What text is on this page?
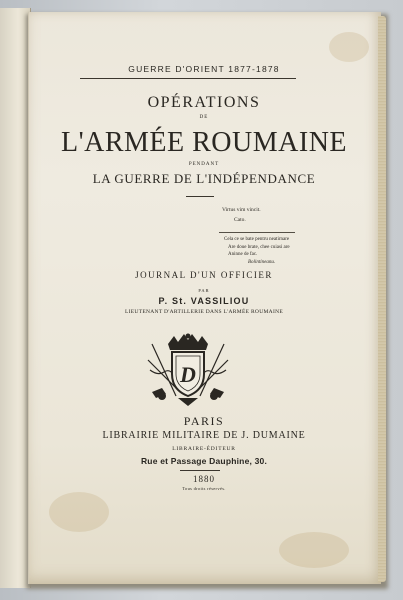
GUERRE D'ORIENT 1877-1878
OPÉRATIONS
DE
L'ARMÉE ROUMAINE
PENDANT
LA GUERRE DE L'INDÉPENDANCE
Virtus vim vincit.
Cato.
Cela ce se bate pentru neatirnare
Are doue brate, chee cuiasi are
Aninne de fac.
Bolintineanu.
JOURNAL D'UN OFFICIER
PAR
P. St. VASSILIOU
LIEUTENANT D'ARTILLERIE DANS L'ARMÉE ROUMAINE
D
PARIS
LIBRAIRIE MILITAIRE DE J. DUMAINE
LIBRAIRE-ÉDITEUR
Rue et Passage Dauphine, 30.
1880
Tous droits réservés.
